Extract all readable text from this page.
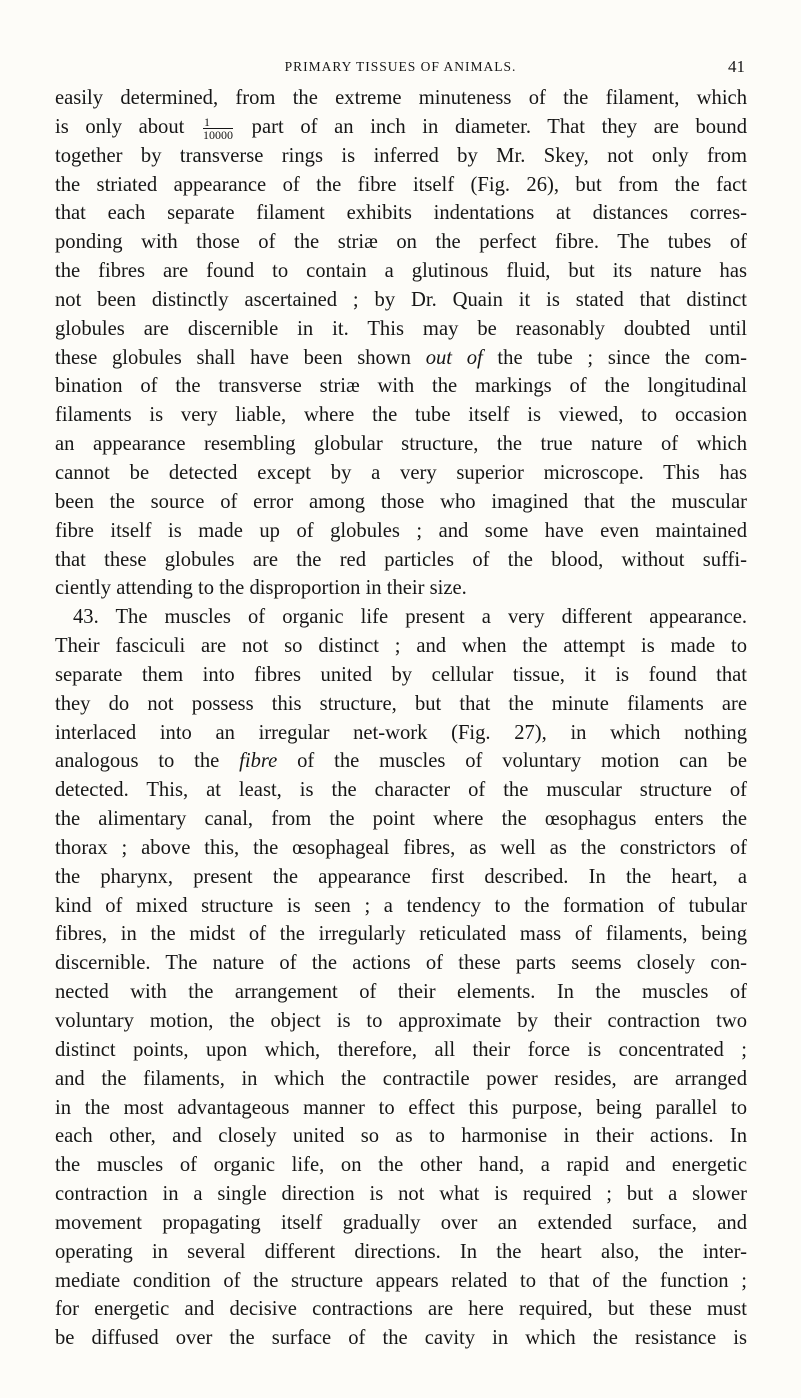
PRIMARY TISSUES OF ANIMALS.	41
easily determined, from the extreme minuteness of the filament, which
is only about $\frac{1}{10000}$ part of an inch in diameter. That they are bound
together by transverse rings is inferred by Mr. Skey, not only from
the striated appearance of the fibre itself (Fig. 26), but from the fact
that each separate filament exhibits indentations at distances corres-
ponding with those of the striæ on the perfect fibre. The tubes of
the fibres are found to contain a glutinous fluid, but its nature has
not been distinctly ascertained ; by Dr. Quain it is stated that distinct
globules are discernible in it. This may be reasonably doubted until
these globules shall have been shown out of the tube ; since the com-
bination of the transverse striæ with the markings of the longitudinal
filaments is very liable, where the tube itself is viewed, to occasion
an appearance resembling globular structure, the true nature of which
cannot be detected except by a very superior microscope. This has
been the source of error among those who imagined that the muscular
fibre itself is made up of globules ; and some have even maintained
that these globules are the red particles of the blood, without suffi-
ciently attending to the disproportion in their size.
43. The muscles of organic life present a very different appearance.
Their fasciculi are not so distinct ; and when the attempt is made to
separate them into fibres united by cellular tissue, it is found that
they do not possess this structure, but that the minute filaments are
interlaced into an irregular net-work (Fig. 27), in which nothing
analogous to the fibre of the muscles of voluntary motion can be
detected. This, at least, is the character of the muscular structure of
the alimentary canal, from the point where the œsophagus enters the
thorax ; above this, the œsophageal fibres, as well as the constrictors of
the pharynx, present the appearance first described. In the heart, a
kind of mixed structure is seen ; a tendency to the formation of tubular
fibres, in the midst of the irregularly reticulated mass of filaments, being
discernible. The nature of the actions of these parts seems closely con-
nected with the arrangement of their elements. In the muscles of
voluntary motion, the object is to approximate by their contraction two
distinct points, upon which, therefore, all their force is concentrated ;
and the filaments, in which the contractile power resides, are arranged
in the most advantageous manner to effect this purpose, being parallel to
each other, and closely united so as to harmonise in their actions. In
the muscles of organic life, on the other hand, a rapid and energetic
contraction in a single direction is not what is required ; but a slower
movement propagating itself gradually over an extended surface, and
operating in several different directions. In the heart also, the inter-
mediate condition of the structure appears related to that of the function ;
for energetic and decisive contractions are here required, but these must
be diffused over the surface of the cavity in which the resistance is
